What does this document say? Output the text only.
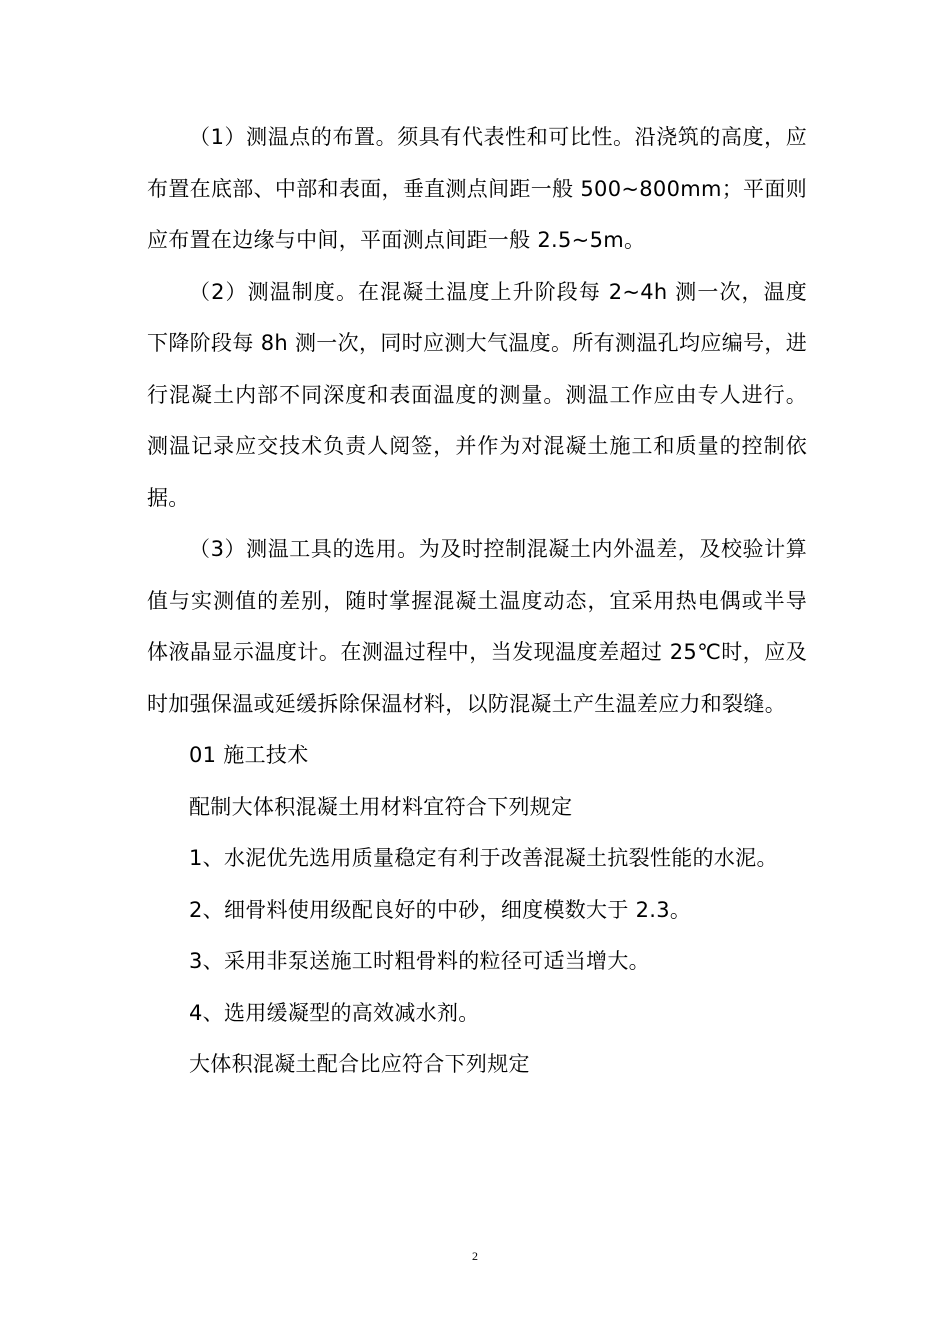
（1）测温点的布置。须具有代表性和可比性。沿浇筑的高度，应布置在底部、中部和表面，垂直测点间距一般 500~800mm；平面则应布置在边缘与中间，平面测点间距一般 2.5~5m。

（2）测温制度。在混凝土温度上升阶段每 2~4h 测一次，温度下降阶段每 8h 测一次，同时应测大气温度。所有测温孔均应编号，进行混凝土内部不同深度和表面温度的测量。测温工作应由专人进行。测温记录应交技术负责人阅签，并作为对混凝土施工和质量的控制依据。

（3）测温工具的选用。为及时控制混凝土内外温差，及校验计算值与实测值的差别，随时掌握混凝土温度动态，宜采用热电偶或半导体液晶显示温度计。在测温过程中，当发现温度差超过 25℃时，应及时加强保温或延缓拆除保温材料，以防混凝土产生温差应力和裂缝。

01 施工技术

配制大体积混凝土用材料宜符合下列规定

1、水泥优先选用质量稳定有利于改善混凝土抗裂性能的水泥。

2、细骨料使用级配良好的中砂，细度模数大于 2.3。

3、采用非泵送施工时粗骨料的粒径可适当增大。

4、选用缓凝型的高效减水剂。

大体积混凝土配合比应符合下列规定

2
